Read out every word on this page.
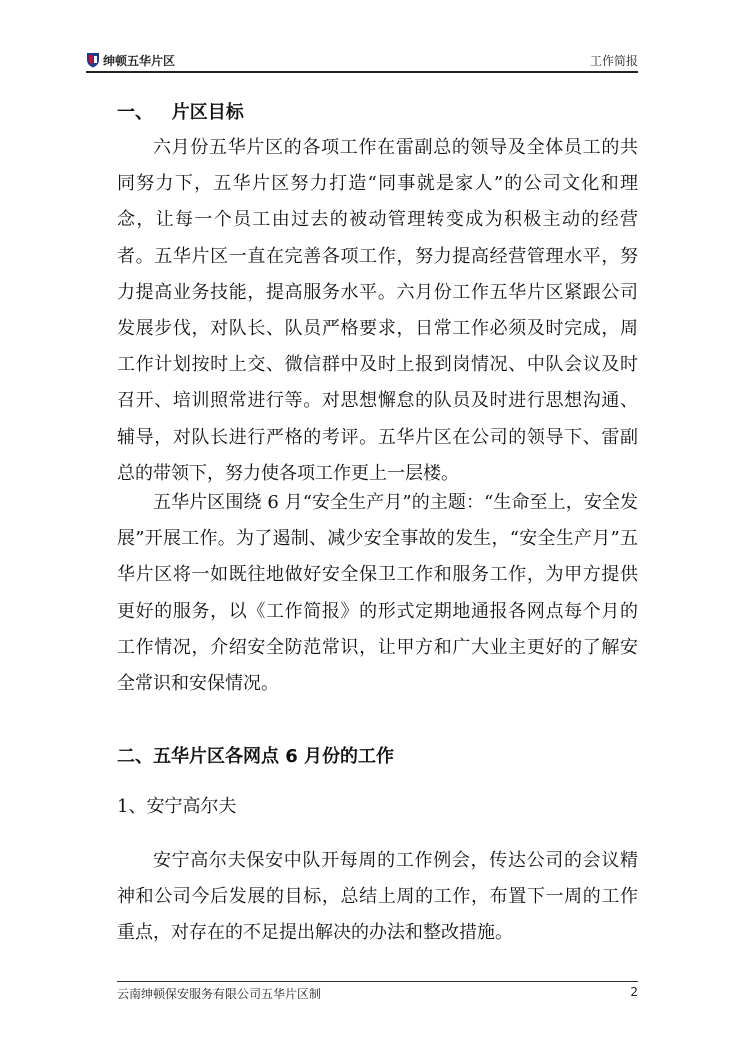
绅顿五华片区	工作简报
一、   片区目标

六月份五华片区的各项工作在雷副总的领导及全体员工的共同努力下，五华片区努力打造“同事就是家人”的公司文化和理念，让每一个员工由过去的被动管理转变成为积极主动的经营者。五华片区一直在完善各项工作，努力提高经营管理水平，努力提高业务技能，提高服务水平。六月份工作五华片区紧跟公司发展步伐，对队长、队员严格要求，日常工作必须及时完成，周工作计划按时上交、微信群中及时上报到岗情况、中队会议及时召开、培训照常进行等。对思想懈怠的队员及时进行思想沟通、辅导，对队长进行严格的考评。五华片区在公司的领导下、雷副总的带领下，努力使各项工作更上一层楼。

五华片区围绕 6 月“安全生产月”的主题：“生命至上，安全发展”开展工作。为了遏制、减少安全事故的发生，“安全生产月”五华片区将一如既往地做好安全保卫工作和服务工作，为甲方提供更好的服务，以《工作简报》的形式定期地通报各网点每个月的工作情况，介绍安全防范常识，让甲方和广大业主更好的了解安全常识和安保情况。

二、五华片区各网点 6 月份的工作
1、安宁高尔夫

安宁高尔夫保安中队开每周的工作例会，传达公司的会议精神和公司今后发展的目标，总结上周的工作，布置下一周的工作重点，对存在的不足提出解决的办法和整改措施。

云南绅顿保安服务有限公司五华片区制	2
